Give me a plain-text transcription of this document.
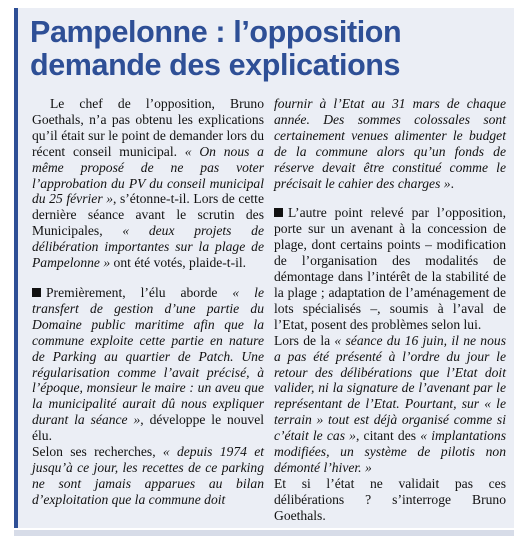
Pampelonne : l’opposition demande des explications

Le chef de l’opposition, Bruno Goethals, n’a pas obtenu les explications qu’il était sur le point de demander lors du récent conseil municipal. « On nous a même proposé de ne pas voter l’approbation du PV du conseil municipal du 25 février », s’étonne-t-il. Lors de cette dernière séance avant le scrutin des Municipales, « deux projets de délibération importantes sur la plage de Pampelonne » ont été votés, plaide-t-il.

Premièrement, l’élu aborde « le transfert de gestion d’une partie du Domaine public maritime afin que la commune exploite cette partie en nature de Parking au quartier de Patch. Une régularisation comme l’avait précisé, à l’époque, monsieur le maire : un aveu que la municipalité aurait dû nous expliquer durant la séance », développe le nouvel élu.

Selon ses recherches, « depuis 1974 et jusqu’à ce jour, les recettes de ce parking ne sont jamais apparues au bilan d’exploitation que la commune doit

fournir à l’Etat au 31 mars de chaque année. Des sommes colossales sont certainement venues alimenter le budget de la commune alors qu’un fonds de réserve devait être constitué comme le précisait le cahier des charges ».

L’autre point relevé par l’opposition, porte sur un avenant à la concession de plage, dont certains points – modification de l’organisation des modalités de démontage dans l’intérêt de la stabilité de la plage ; adaptation de l’aménagement de lots spécialisés –, soumis à l’aval de l’Etat, posent des problèmes selon lui.

Lors de la « séance du 16 juin, il ne nous a pas été présenté à l’ordre du jour le retour des délibérations que l’Etat doit valider, ni la signature de l’avenant par le représentant de l’Etat. Pourtant, sur « le terrain » tout est déjà organisé comme si c’était le cas », citant des « implantations modifiées, un système de pilotis non démonté l’hiver. »

Et si l’état ne validait pas ces délibérations ? s’interroge Bruno Goethals.
